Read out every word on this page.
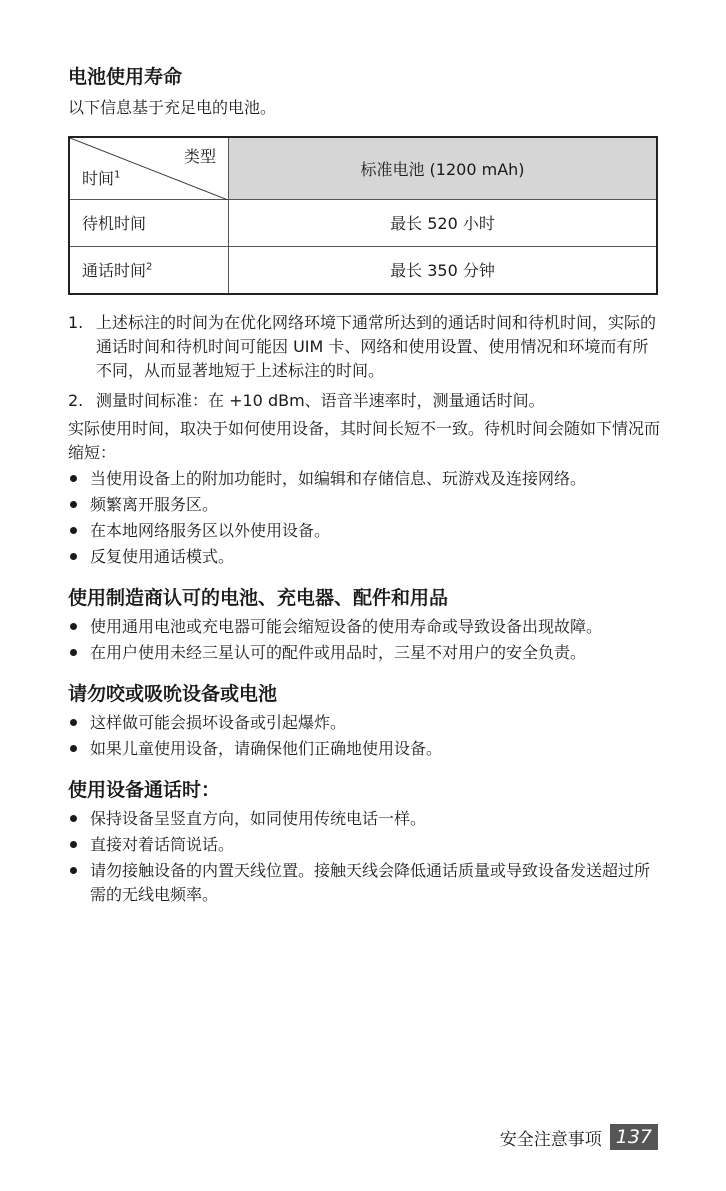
电池使用寿命

以下信息基于充足电的电池。

类型
时间$^1$	标准电池 (1200 mAh)
待机时间	最长 520 小时
通话时间$^2$	最长 350 分钟
1. 上述标注的时间为在优化网络环境下通常所达到的通话时间和待机时间，实际的通话时间和待机时间可能因 UIM 卡、网络和使用设置、使用情况和环境而有所不同，从而显著地短于上述标注的时间。
2. 测量时间标准：在 +10 dBm、语音半速率时，测量通话时间。

实际使用时间，取决于如何使用设备，其时间长短不一致。待机时间会随如下情况而缩短：

当使用设备上的附加功能时，如编辑和存储信息、玩游戏及连接网络。
频繁离开服务区。
在本地网络服务区以外使用设备。
反复使用通话模式。
使用制造商认可的电池、充电器、配件和用品
使用通用电池或充电器可能会缩短设备的使用寿命或导致设备出现故障。
在用户使用未经三星认可的配件或用品时，三星不对用户的安全负责。
请勿咬或吸吮设备或电池
这样做可能会损坏设备或引起爆炸。
如果儿童使用设备，请确保他们正确地使用设备。
使用设备通话时：
保持设备呈竖直方向，如同使用传统电话一样。
直接对着话筒说话。
请勿接触设备的内置天线位置。接触天线会降低通话质量或导致设备发送超过所需的无线电频率。
安全注意事项 137
